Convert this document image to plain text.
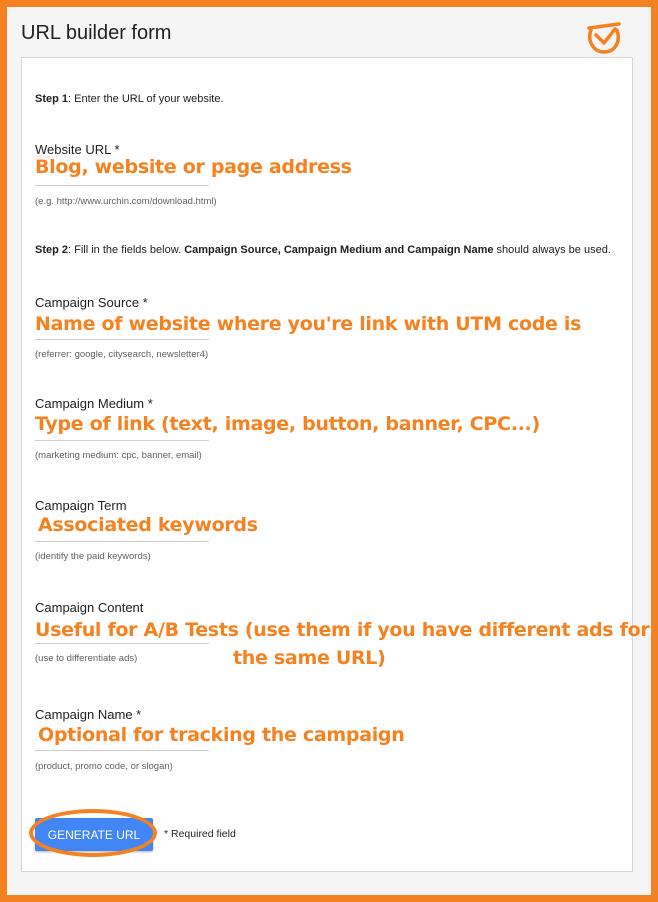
URL builder form
Step 1: Enter the URL of your website.
Website URL *
Blog, website or page address
(e.g. http://www.urchin.com/download.html)
Step 2: Fill in the fields below. Campaign Source, Campaign Medium and Campaign Name should always be used.
Campaign Source *
Name of website where you're link with UTM code is
(referrer: google, citysearch, newsletter4)
Campaign Medium *
Type of link (text, image, button, banner, CPC...)
(marketing medium: cpc, banner, email)
Campaign Term
Associated keywords
(identify the paid keywords)
Campaign Content
Useful for A/B Tests (use them if you have different ads for
the same URL)
(use to differentiate ads)
Campaign Name *
Optional for tracking the campaign
(product, promo code, or slogan)
GENERATE URL	* Required field
